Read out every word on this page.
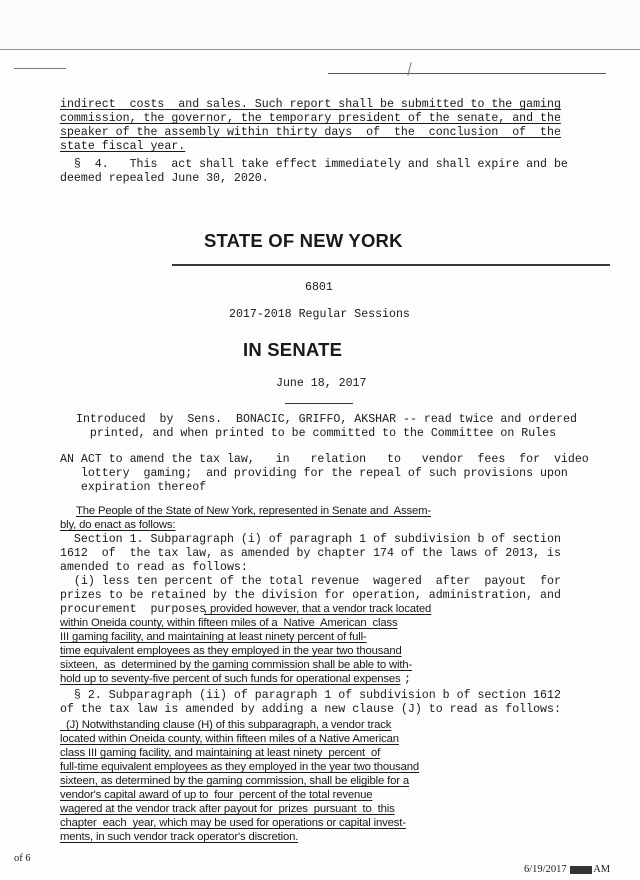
indirect  costs  and sales. Such report shall be submitted to the gaming
commission, the governor, the temporary president of the senate, and the
speaker of the assembly within thirty days  of  the  conclusion  of  the
state fiscal year.
§  4.   This  act shall take effect immediately and shall expire and be
deemed repealed June 30, 2020.
STATE OF NEW YORK
6801
2017-2018 Regular Sessions
IN SENATE
June 18, 2017
Introduced  by  Sens.  BONACIC, GRIFFO, AKSHAR -- read twice and ordered
printed, and when printed to be committed to the Committee on Rules
AN ACT to amend the tax law,   in   relation   to   vendor  fees  for  video
lottery  gaming;  and providing for the repeal of such provisions upon
expiration thereof
The People of the State of New York, represented in Senate and  Assem-
bly, do enact as follows:
Section 1. Subparagraph (i) of paragraph 1 of subdivision b of section
1612  of  the tax law, as amended by chapter 174 of the laws of 2013, is
amended to read as follows:
(i) less ten percent of the total revenue  wagered  after  payout  for
prizes to be retained by the division for operation, administration, and
procurement  purposes
, provided however, that a vendor track located
within Oneida county, within fifteen miles of a  Native  American  class
III gaming facility, and maintaining at least ninety percent of full-
time equivalent employees as they employed in the year two thousand
sixteen,  as  determined by the gaming commission shall be able to with-
hold up to seventy-five percent of such funds for operational expenses ;
§ 2. Subparagraph (ii) of paragraph 1 of subdivision b of section 1612
of the tax law is amended by adding a new clause (J) to read as follows:
(J) Notwithstanding clause (H) of this subparagraph, a vendor track
located within Oneida county, within fifteen miles of a Native American
class III gaming facility, and maintaining at least ninety  percent  of
full-time equivalent employees as they employed in the year two thousand
sixteen, as determined by the gaming commission, shall be eligible for a
vendor's capital award of up to  four  percent of the total revenue
wagered at the vendor track after payout for  prizes  pursuant  to  this
chapter  each  year, which may be used for operations or capital invest-
ments, in such vendor track operator's discretion.
of 6
6/19/2017	AM
